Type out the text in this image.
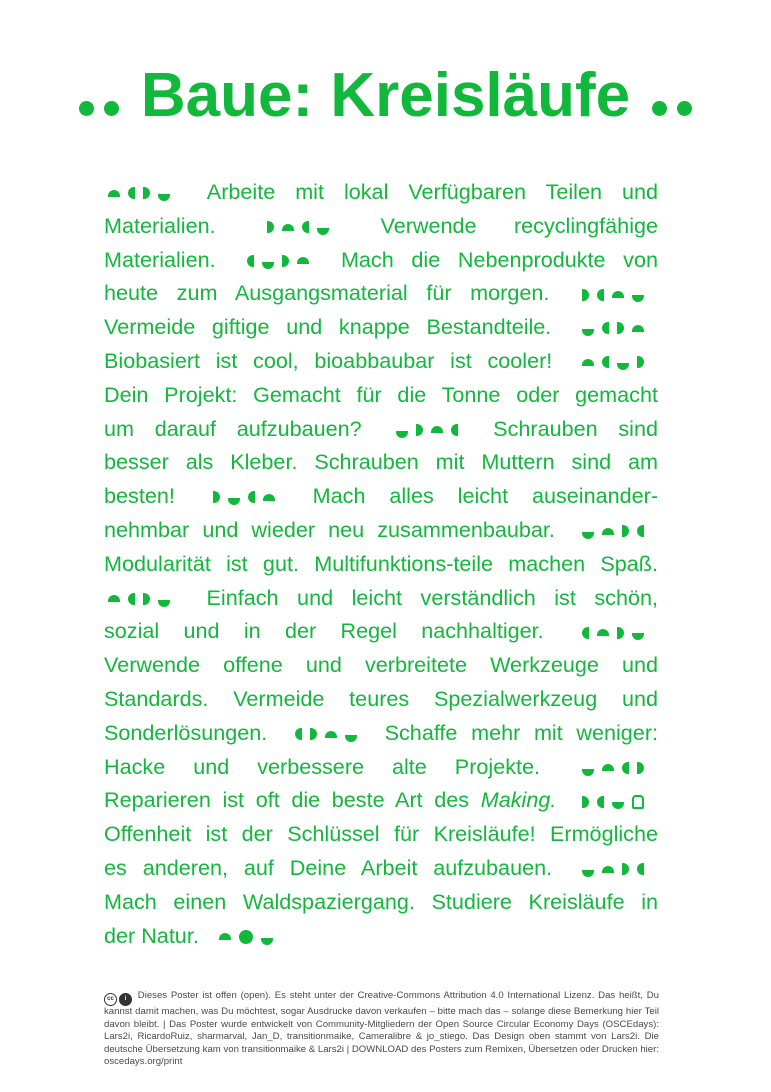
Baue: Kreisläufe
Arbeite mit lokal Verfügbaren Teilen und
Materialien.	Verwende recyclingfähige
Materialien.	Mach die Nebenprodukte von
heute zum Ausgangsmaterial für morgen.
Vermeide giftige und knappe Bestandteile.
Biobasiert ist cool, bioabbaubar ist cooler!
Dein Projekt: Gemacht für die Tonne oder gemacht
um darauf aufzubauen?	Schrauben sind
besser als Kleber. Schrauben mit Muttern sind am
besten!	Mach alles leicht auseinander-
nehmbar und wieder neu zusammenbaubar.
Modularität ist gut. Multifunktions-teile machen Spaß.
Einfach und leicht verständlich ist schön,
sozial und in der Regel nachhaltiger.
Verwende offene und verbreitete Werkzeuge und
Standards. Vermeide teures Spezialwerkzeug und
Sonderlösungen.	Schaffe mehr mit weniger:
Hacke und verbessere alte Projekte.
Reparieren ist oft die beste Art des Making.
Offenheit ist der Schlüssel für Kreisläufe! Ermögliche
es anderen, auf Deine Arbeit aufzubauen.
Mach einen Waldspaziergang. Studiere Kreisläufe in
der Natur.
cc i Dieses Poster ist offen (open). Es steht unter der Creative-Commons Attribution 4.0 International Lizenz. Das heißt, Du kannst damit machen, was Du möchtest, sogar Ausdrucke davon verkaufen – bitte mach das – solange diese Bemerkung hier Teil davon bleibt. | Das Poster wurde entwickelt von Community-Mitgliedern der Open Source Circular Economy Days (OSCEdays): Lars2i, RicardoRuiz, sharmarval, Jan_D, transitionmaike, Cameralibre & jo_stiego. Das Design oben stammt von Lars2i. Die deutsche Übersetzung kam von transitionmaike & Lars2i | DOWNLOAD des Posters zum Remixen, Übersetzen oder Drucken hier: oscedays.org/print
